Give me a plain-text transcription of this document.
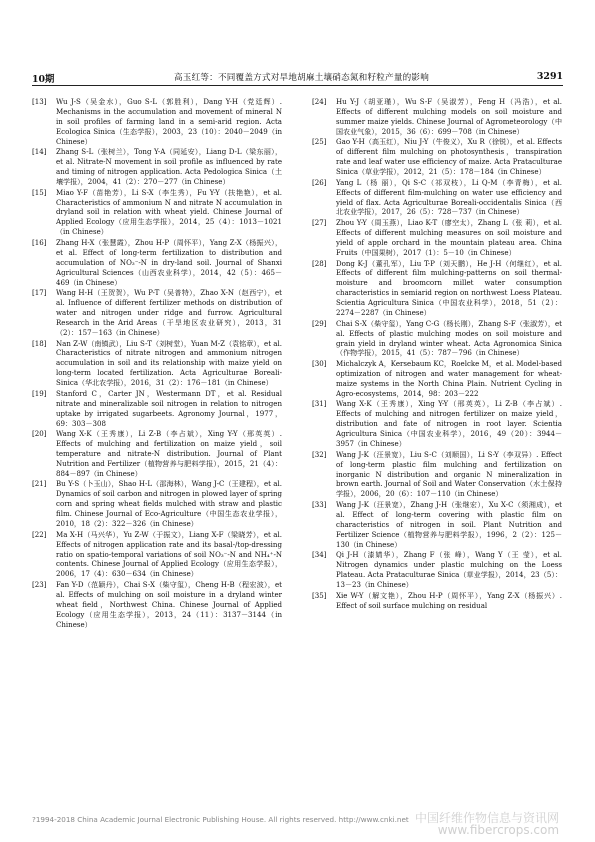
10期	高玉红等：不同覆盖方式对旱地胡麻土壤硝态氮和籽粒产量的影响	3291
[13] Wu J-S（吴金水），Guo S-L（郭胜利），Dang Y-H（党廷辉）. Mechanisms in the accumulation and movement of mineral N in soil profiles of farming land in a semi-arid region. Acta Ecologica Sinica（生态学报），2003，23（10）：2040－2049（in Chinese）
[14] Zhang S-L（张树兰），Tong Y-A（同延安），Liang D-L（梁东丽），et al. Nitrate-N movement in soil profile as influenced by rate and timing of nitrogen application. Acta Pedologica Sinica（土壤学报），2004，41（2）：270－277（in Chinese）
[15] Miao Y-F（苗艳芳），Li S-X（李生秀），Fu Y-Y（扶艳艳），et al. Characteristics of ammonium N and nitrate N accumulation in dryland soil in relation with wheat yield. Chinese Journal of Applied Ecology（应用生态学报），2014，25（4）：1013－1021（in Chinese）
[16] Zhang H-X（张慧霞），Zhou H-P（周怀平），Yang Z-X（杨振兴），et al. Effect of long-term fertilization to distribution and accumulation of NO₃⁻-N in dry-land soil. Journal of Shanxi Agricultural Sciences（山西农业科学），2014，42（5）：465－469（in Chinese）
[17] Wang H-H（王贺贺），Wu P-T（吴普特），Zhao X-N（赵西宁），et al. Influence of different fertilizer methods on distribution of water and nitrogen under ridge and furrow. Agricultural Research in the Arid Areas（干旱地区农业研究），2013，31（2）：157－163（in Chinese）
[18] Nan Z-W（南镇武），Liu S-T（刘树堂），Yuan M-Z（袁铭章），et al. Characteristics of nitrate nitrogen and ammonium nitrogen accumulation in soil and its relationship with maize yield on long-term located fertilization. Acta Agriculturae Boreali-Sinica（华北农学报），2016，31（2）：176－181（in Chinese）
[19] Stanford C，Carter JN，Westermann DT，et al. Residual nitrate and mineralizable soil nitrogen in relation to nitrogen uptake by irrigated sugarbeets. Agronomy Journal，1977，69：303－308
[20] Wang X-K（王秀康），Li Z-B（李占斌），Xing Y-Y（邢英英）. Effects of mulching and fertilization on maize yield，soil temperature and nitrate-N distribution. Journal of Plant Nutrition and Fertilizer（植物营养与肥料学报），2015，21（4）：884－897（in Chinese）
[21] Bu Y-S（卜玉山），Shao H-L（邵海林），Wang J-C（王建程），et al. Dynamics of soil carbon and nitrogen in plowed layer of spring corn and spring wheat fields mulched with straw and plastic film. Chinese Journal of Eco-Agriculture（中国生态农业学报），2010，18（2）：322－326（in Chinese）
[22] Ma X-H（马兴华），Yu Z-W（于振文），Liang X-F（梁晓芳），et al. Effects of nitrogen application rate and its basal-/top-dressing ratio on spatio-temporal variations of soil NO₃⁻-N and NH₄⁺-N contents. Chinese Journal of Applied Ecology（应用生态学报），2006，17（4）：630－634（in Chinese）
[23] Fan Y-D（范颖丹），Chai S-X（柴守玺），Cheng H-B（程宏波），et al. Effects of mulching on soil moisture in a dryland winter wheat field，Northwest China. Chinese Journal of Applied Ecology（应用生态学报），2013，24（11）：3137－3144（in Chinese）
[24] Hu Y-J（胡亚瑾），Wu S-F（吴淑芳），Feng H（冯浩），et al. Effects of different mulching models on soil moisture and summer maize yields. Chinese Journal of Agrometeorology（中国农业气象），2015，36（6）：699－708（in Chinese）
[25] Gao Y-H（高玉红），Niu J-Y（牛俊义），Xu R（徐锐），et al. Effects of different film mulching on photosynthesis，transpiration rate and leaf water use efficiency of maize. Acta Prataculturae Sinica（草业学报），2012，21（5）：178－184（in Chinese）
[26] Yang L（杨 丽），Qi S-C（祁双枝），Li Q-M（李青梅），et al. Effects of different film-mulching on water use efficiency and yield of flax. Acta Agriculturae Boreali-occidentalis Sinica（西北农业学报），2017，26（5）：728－737（in Chinese）
[27] Zhou Y-Y（周玉燕），Liao K-T（廖空太），Zhang L（张 莉），et al. Effects of different mulching measures on soil moisture and yield of apple orchard in the mountain plateau area. China Fruits（中国果树），2017（1）：5－10（in Chinese）
[28] Dong K-J（董孔军），Liu T-P（刘天鹏），He J-H（何继红），et al. Effects of different film mulching-patterns on soil thermal-moisture and broomcorn millet water consumption characteristics in semiarid region on northwest Loess Plateau. Scientia Agricultura Sinica（中国农业科学），2018，51（2）：2274－2287（in Chinese）
[29] Chai S-X（柴守玺），Yang C-G（杨长刚），Zhang S-F（张淑芳），et al. Effects of plastic mulching modes on soil moisture and grain yield in dryland winter wheat. Acta Agronomica Sinica（作物学报），2015，41（5）：787－796（in Chinese）
[30] Michalczyk A，Kersebaum KC，Roelcke M，et al. Model-based optimization of nitrogen and water management for wheat-maize systems in the North China Plain. Nutrient Cycling in Agro-ecosystems，2014，98：203－222
[31] Wang X-K（王秀康），Xing Y-Y（邢英英），Li Z-B（李占斌）. Effects of mulching and nitrogen fertilizer on maize yield，distribution and fate of nitrogen in root layer. Scientia Agricultura Sinica（中国农业科学），2016，49（20）：3944－3957（in Chinese）
[32] Wang J-K（汪景宽），Liu S-C（刘顺国），Li S-Y（李双异）. Effect of long-term plastic film mulching and fertilization on inorganic N distribution and organic N mineralization in brown earth. Journal of Soil and Water Conservation（水土保持学报），2006，20（6）：107－110（in Chinese）
[33] Wang J-K（汪景宽），Zhang J-H（张继宏），Xu X-C（须湘成），et al. Effect of long-term covering with plastic film on characteristics of nitrogen in soil. Plant Nutrition and Fertilizer Science（植物营养与肥料学报），1996，2（2）：125－130（in Chinese）
[34] Qi J-H（漆婧华），Zhang F（张 峰），Wang Y（王 莹），et al. Nitrogen dynamics under plastic mulching on the Loess Plateau. Acta Prataculturae Sinica（草业学报），2014，23（5）：13－23（in Chinese）
[35] Xie W-Y（解文艳），Zhou H-P（周怀平），Yang Z-X（杨振兴）. Effect of soil surface mulching on residual
?1994-2018 China Academic Journal Electronic Publishing House. All rights reserved. http://www.cnki.net 中国纤维作物信息与资讯网
www.fibercrops.com
